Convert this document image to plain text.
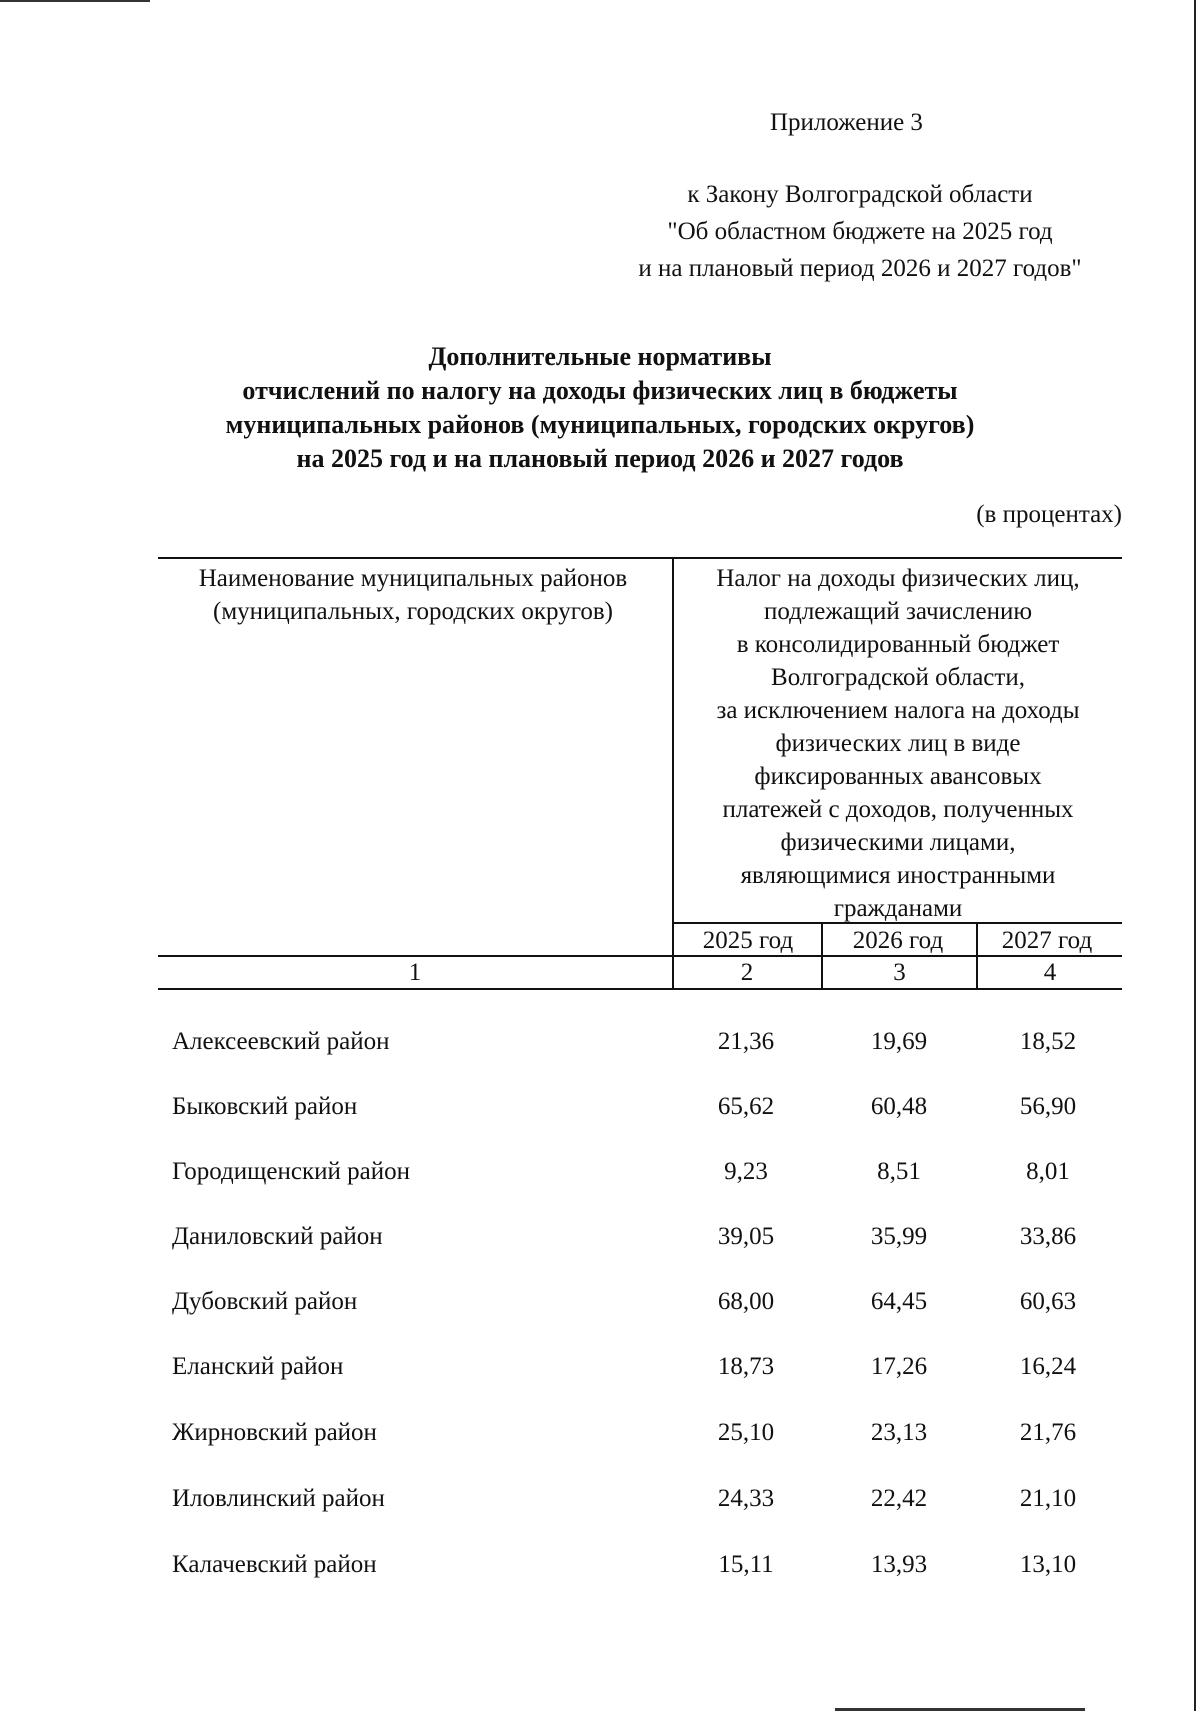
Приложение 3
к Закону Волгоградской области
"Об областном бюджете на 2025 год
и на плановый период 2026 и 2027 годов"
Дополнительные нормативы
отчислений по налогу на доходы физических лиц в бюджеты
муниципальных районов (муниципальных, городских округов)
на 2025 год и на плановый период 2026 и 2027 годов
(в процентах)
Наименование муниципальных районов
(муниципальных, городских округов)
Налог на доходы физических лиц,
подлежащий зачислению
в консолидированный бюджет
Волгоградской области,
за исключением налога на доходы
физических лиц в виде
фиксированных авансовых
платежей с доходов, полученных
физическими лицами,
являющимися иностранными
гражданами
2025 год	2026 год	2027 год
1	2	3	4
Алексеевский район	21,36	19,69	18,52
Быковский район	65,62	60,48	56,90
Городищенский район	9,23	8,51	8,01
Даниловский район	39,05	35,99	33,86
Дубовский район	68,00	64,45	60,63
Еланский район	18,73	17,26	16,24
Жирновский район	25,10	23,13	21,76
Иловлинский район	24,33	22,42	21,10
Калачевский район	15,11	13,93	13,10
